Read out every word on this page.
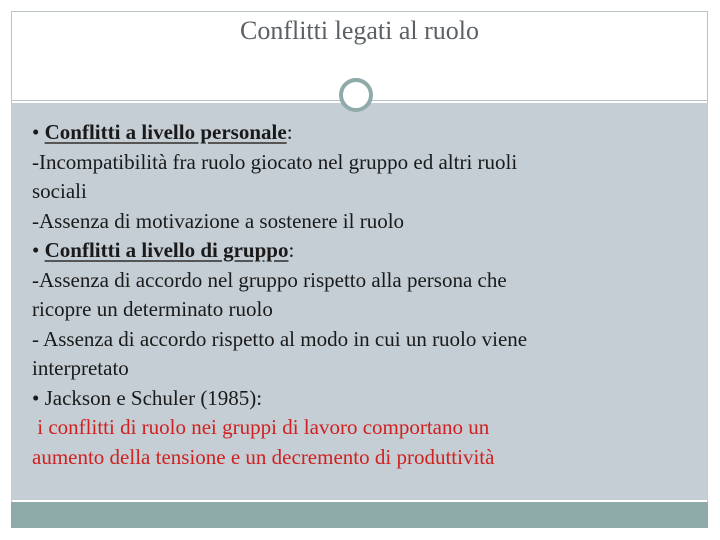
Conflitti legati al ruolo

• Conflitti a livello personale:

-Incompatibilità fra ruolo giocato nel gruppo ed altri ruoli

sociali

-Assenza di motivazione a sostenere il ruolo

• Conflitti a livello di gruppo:

-Assenza di accordo nel gruppo rispetto alla persona che

ricopre un determinato ruolo

- Assenza di accordo rispetto al modo in cui un ruolo viene

interpretato

• Jackson e Schuler (1985):

i conflitti di ruolo nei gruppi di lavoro comportano un

aumento della tensione e un decremento di produttività
